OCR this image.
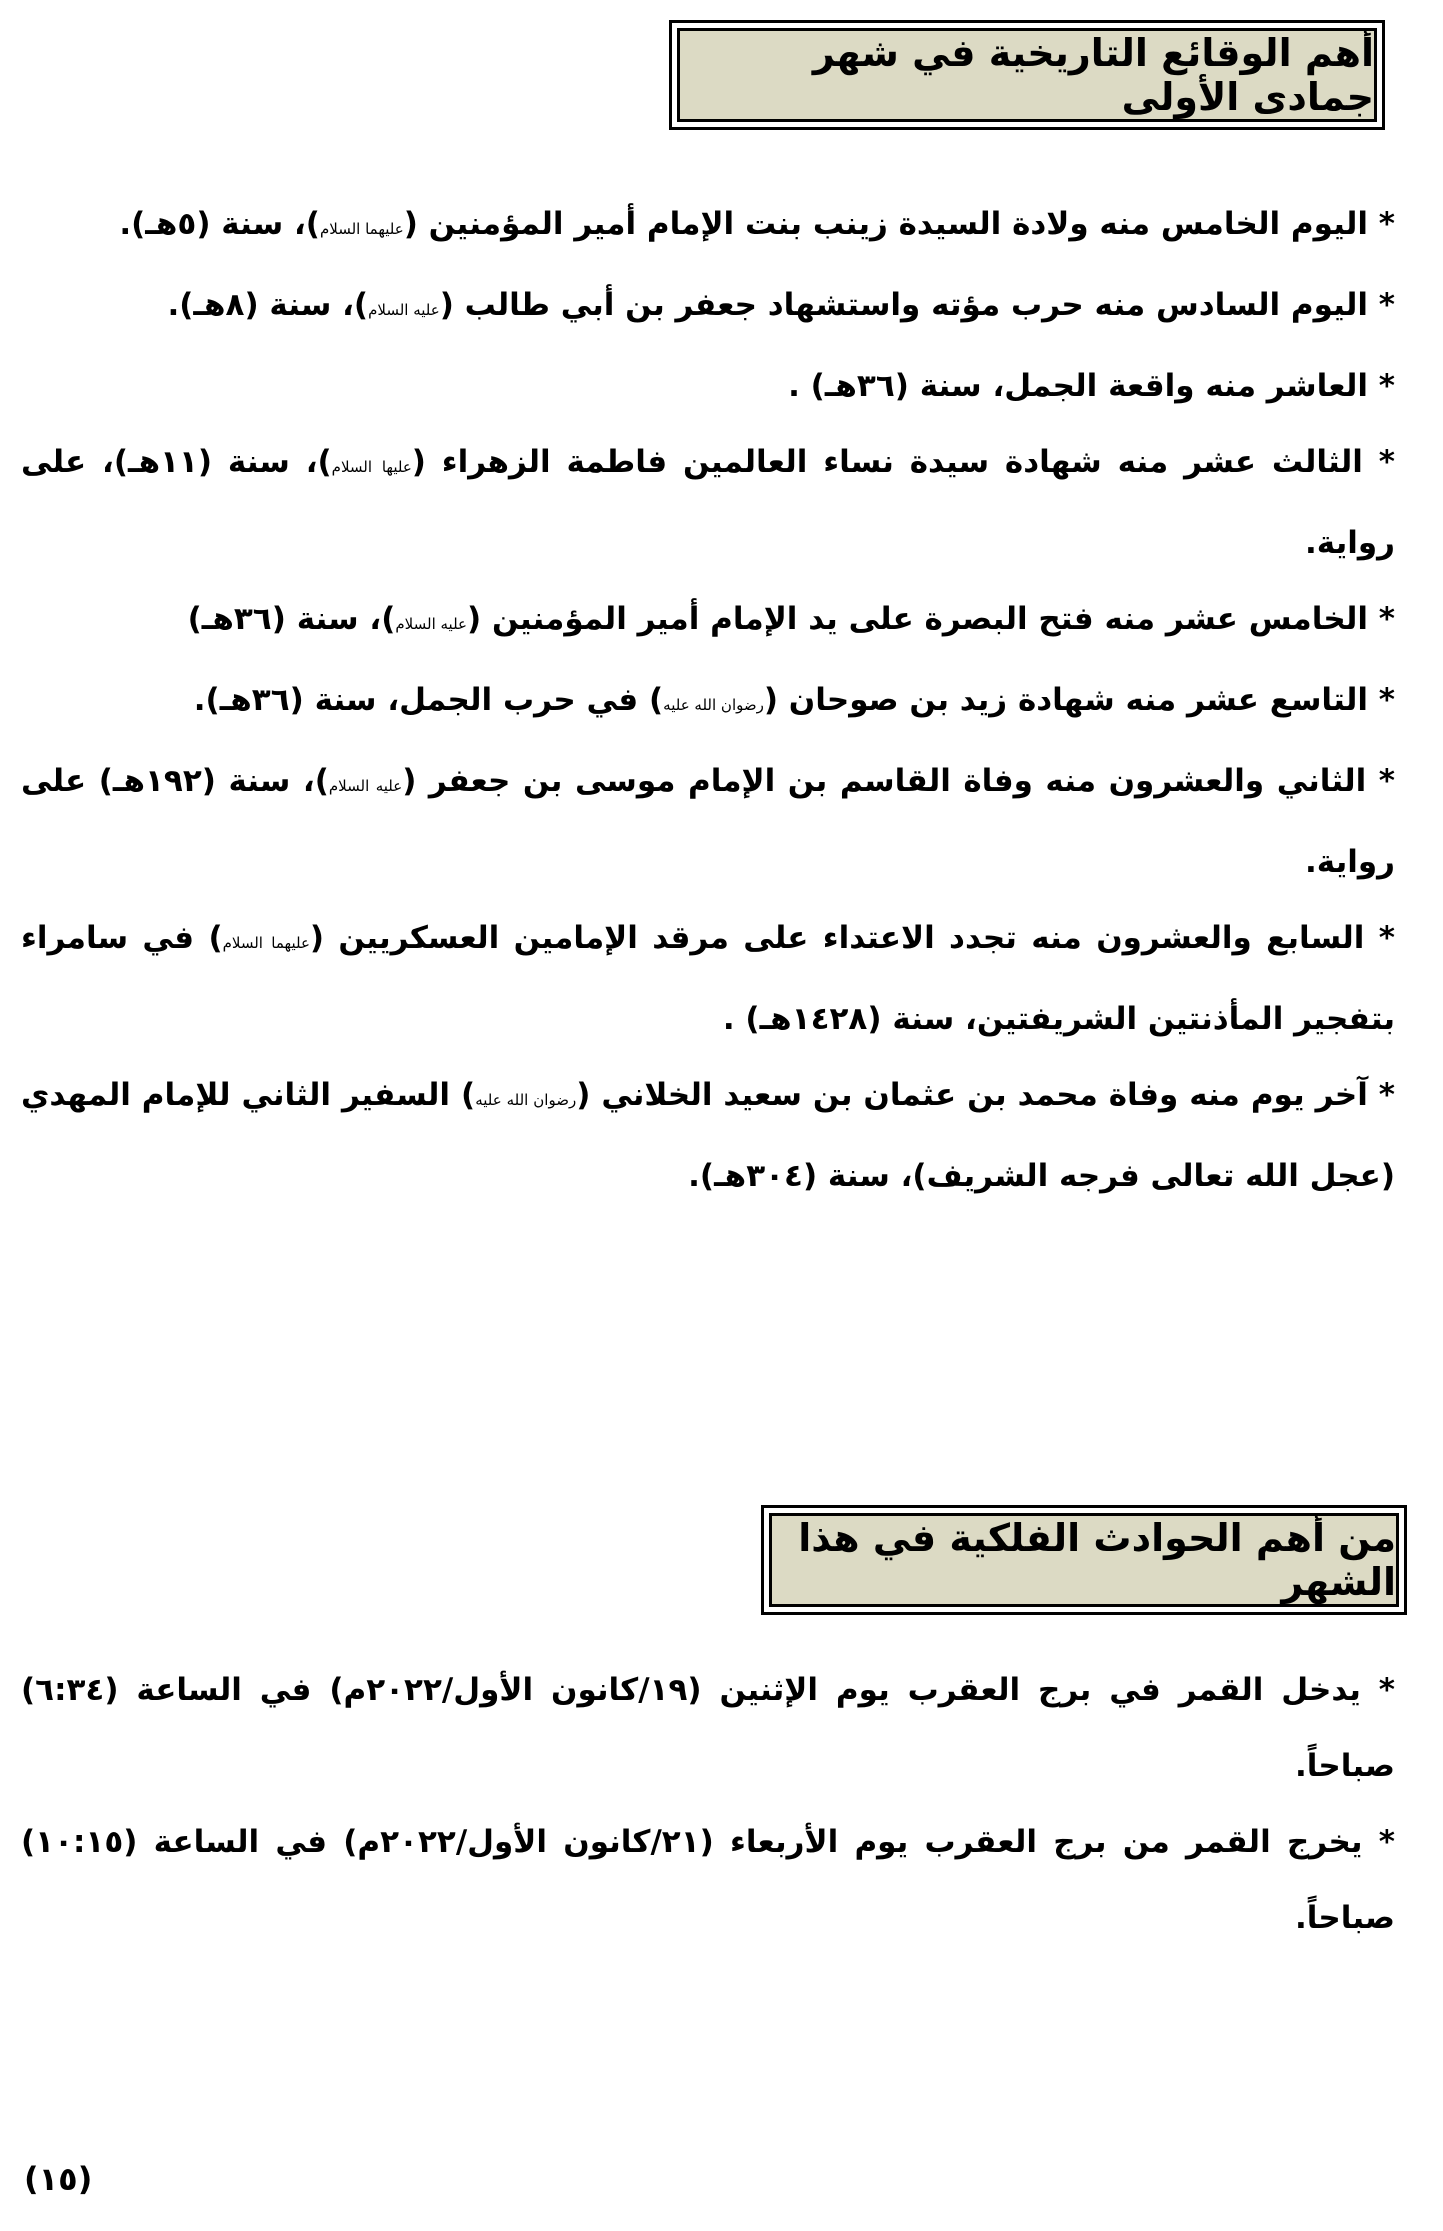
أهم الوقائع التاريخية في شهر جمادى الأولى

* اليوم الخامس منه ولادة السيدة زينب بنت الإمام أمير المؤمنين (عليهما السلام)، سنة (٥هـ).

* اليوم السادس منه حرب مؤته واستشهاد جعفر بن أبي طالب (عليه السلام)، سنة (٨هـ).

* العاشر منه واقعة الجمل، سنة (٣٦هـ) .

* الثالث عشر منه شهادة سيدة نساء العالمين فاطمة الزهراء (عليها السلام)، سنة (١١هـ)، على رواية.

* الخامس عشر منه فتح البصرة على يد الإمام أمير المؤمنين (عليه السلام)، سنة (٣٦هـ)

* التاسع عشر منه شهادة زيد بن صوحان (رضوان الله عليه) في حرب الجمل، سنة (٣٦هـ).

* الثاني والعشرون منه وفاة القاسم بن الإمام موسى بن جعفر (عليه السلام)، سنة (١٩٢هـ) على رواية.

* السابع والعشرون منه تجدد الاعتداء على مرقد الإمامين العسكريين (عليهما السلام) في سامراء بتفجير المأذنتين الشريفتين، سنة (١٤٢٨هـ) .

* آخر يوم منه وفاة محمد بن عثمان بن سعيد الخلاني (رضوان الله عليه) السفير الثاني للإمام المهدي (عجل الله تعالى فرجه الشريف)، سنة (٣٠٤هـ).

من أهم الحوادث الفلكية في هذا الشهر

* يدخل القمر في برج العقرب يوم الإثنين (١٩/كانون الأول/٢٠٢٢م) في الساعة (٦:٣٤) صباحاً.

* يخرج القمر من برج العقرب يوم الأربعاء (٢١/كانون الأول/٢٠٢٢م) في الساعة (١٠:١٥) صباحاً.

(١٥)
